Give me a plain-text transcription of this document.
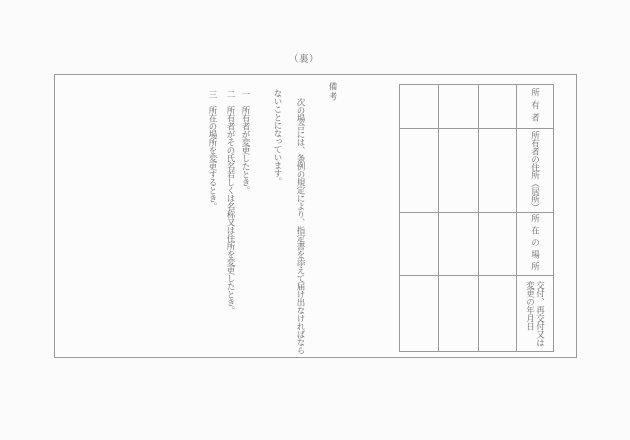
（裏）
備考
次の場合には、条例の規定により、指定書を添えて届け出なければなら
ないことになっています。
一　所有者が変更したとき。
二　所有者がその氏名若しくは名称又は住所を変更したとき。
三　所在の場所を変更するとき。	所有者
所有者の住所（居所）
所在の場所
交付、再交付又は
変更の年月日
